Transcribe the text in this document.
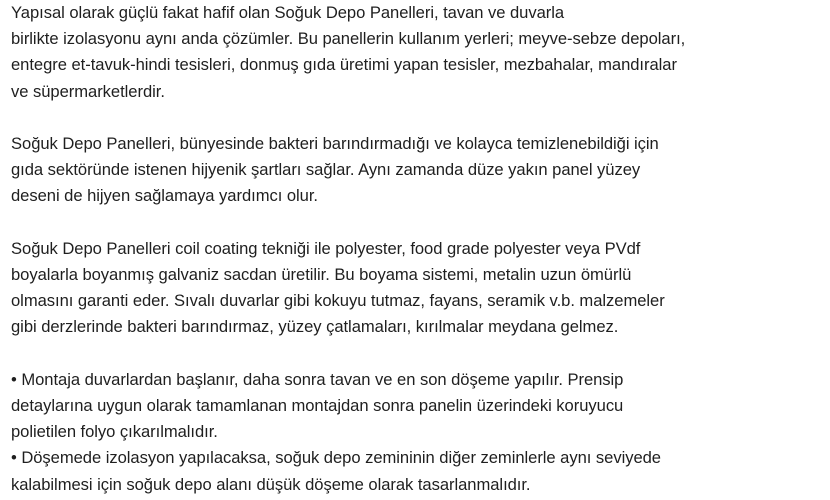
Yapısal olarak güçlü fakat hafif olan Soğuk Depo Panelleri, tavan ve duvarla
birlikte izolasyonu aynı anda çözümler. Bu panellerin kullanım yerleri; meyve-sebze depoları,
entegre et-tavuk-hindi tesisleri, donmuş gıda üretimi yapan tesisler, mezbahalar, mandıralar
ve süpermarketlerdir.

Soğuk Depo Panelleri, bünyesinde bakteri barındırmadığı ve kolayca temizlenebildiği için
gıda sektöründe istenen hijyenik şartları sağlar. Aynı zamanda düze yakın panel yüzey
deseni de hijyen sağlamaya yardımcı olur.

Soğuk Depo Panelleri coil coating tekniği ile polyester, food grade polyester veya PVdf
boyalarla boyanmış galvaniz sacdan üretilir. Bu boyama sistemi, metalin uzun ömürlü
olmasını garanti eder. Sıvalı duvarlar gibi kokuyu tutmaz, fayans, seramik v.b. malzemeler
gibi derzlerinde bakteri barındırmaz, yüzey çatlamaları, kırılmalar meydana gelmez.

• Montaja duvarlardan başlanır, daha sonra tavan ve en son döşeme yapılır. Prensip
detaylarına uygun olarak tamamlanan montajdan sonra panelin üzerindeki koruyucu
polietilen folyo çıkarılmalıdır.
• Döşemede izolasyon yapılacaksa, soğuk depo zemininin diğer zeminlerle aynı seviyede
kalabilmesi için soğuk depo alanı düşük döşeme olarak tasarlanmalıdır.
